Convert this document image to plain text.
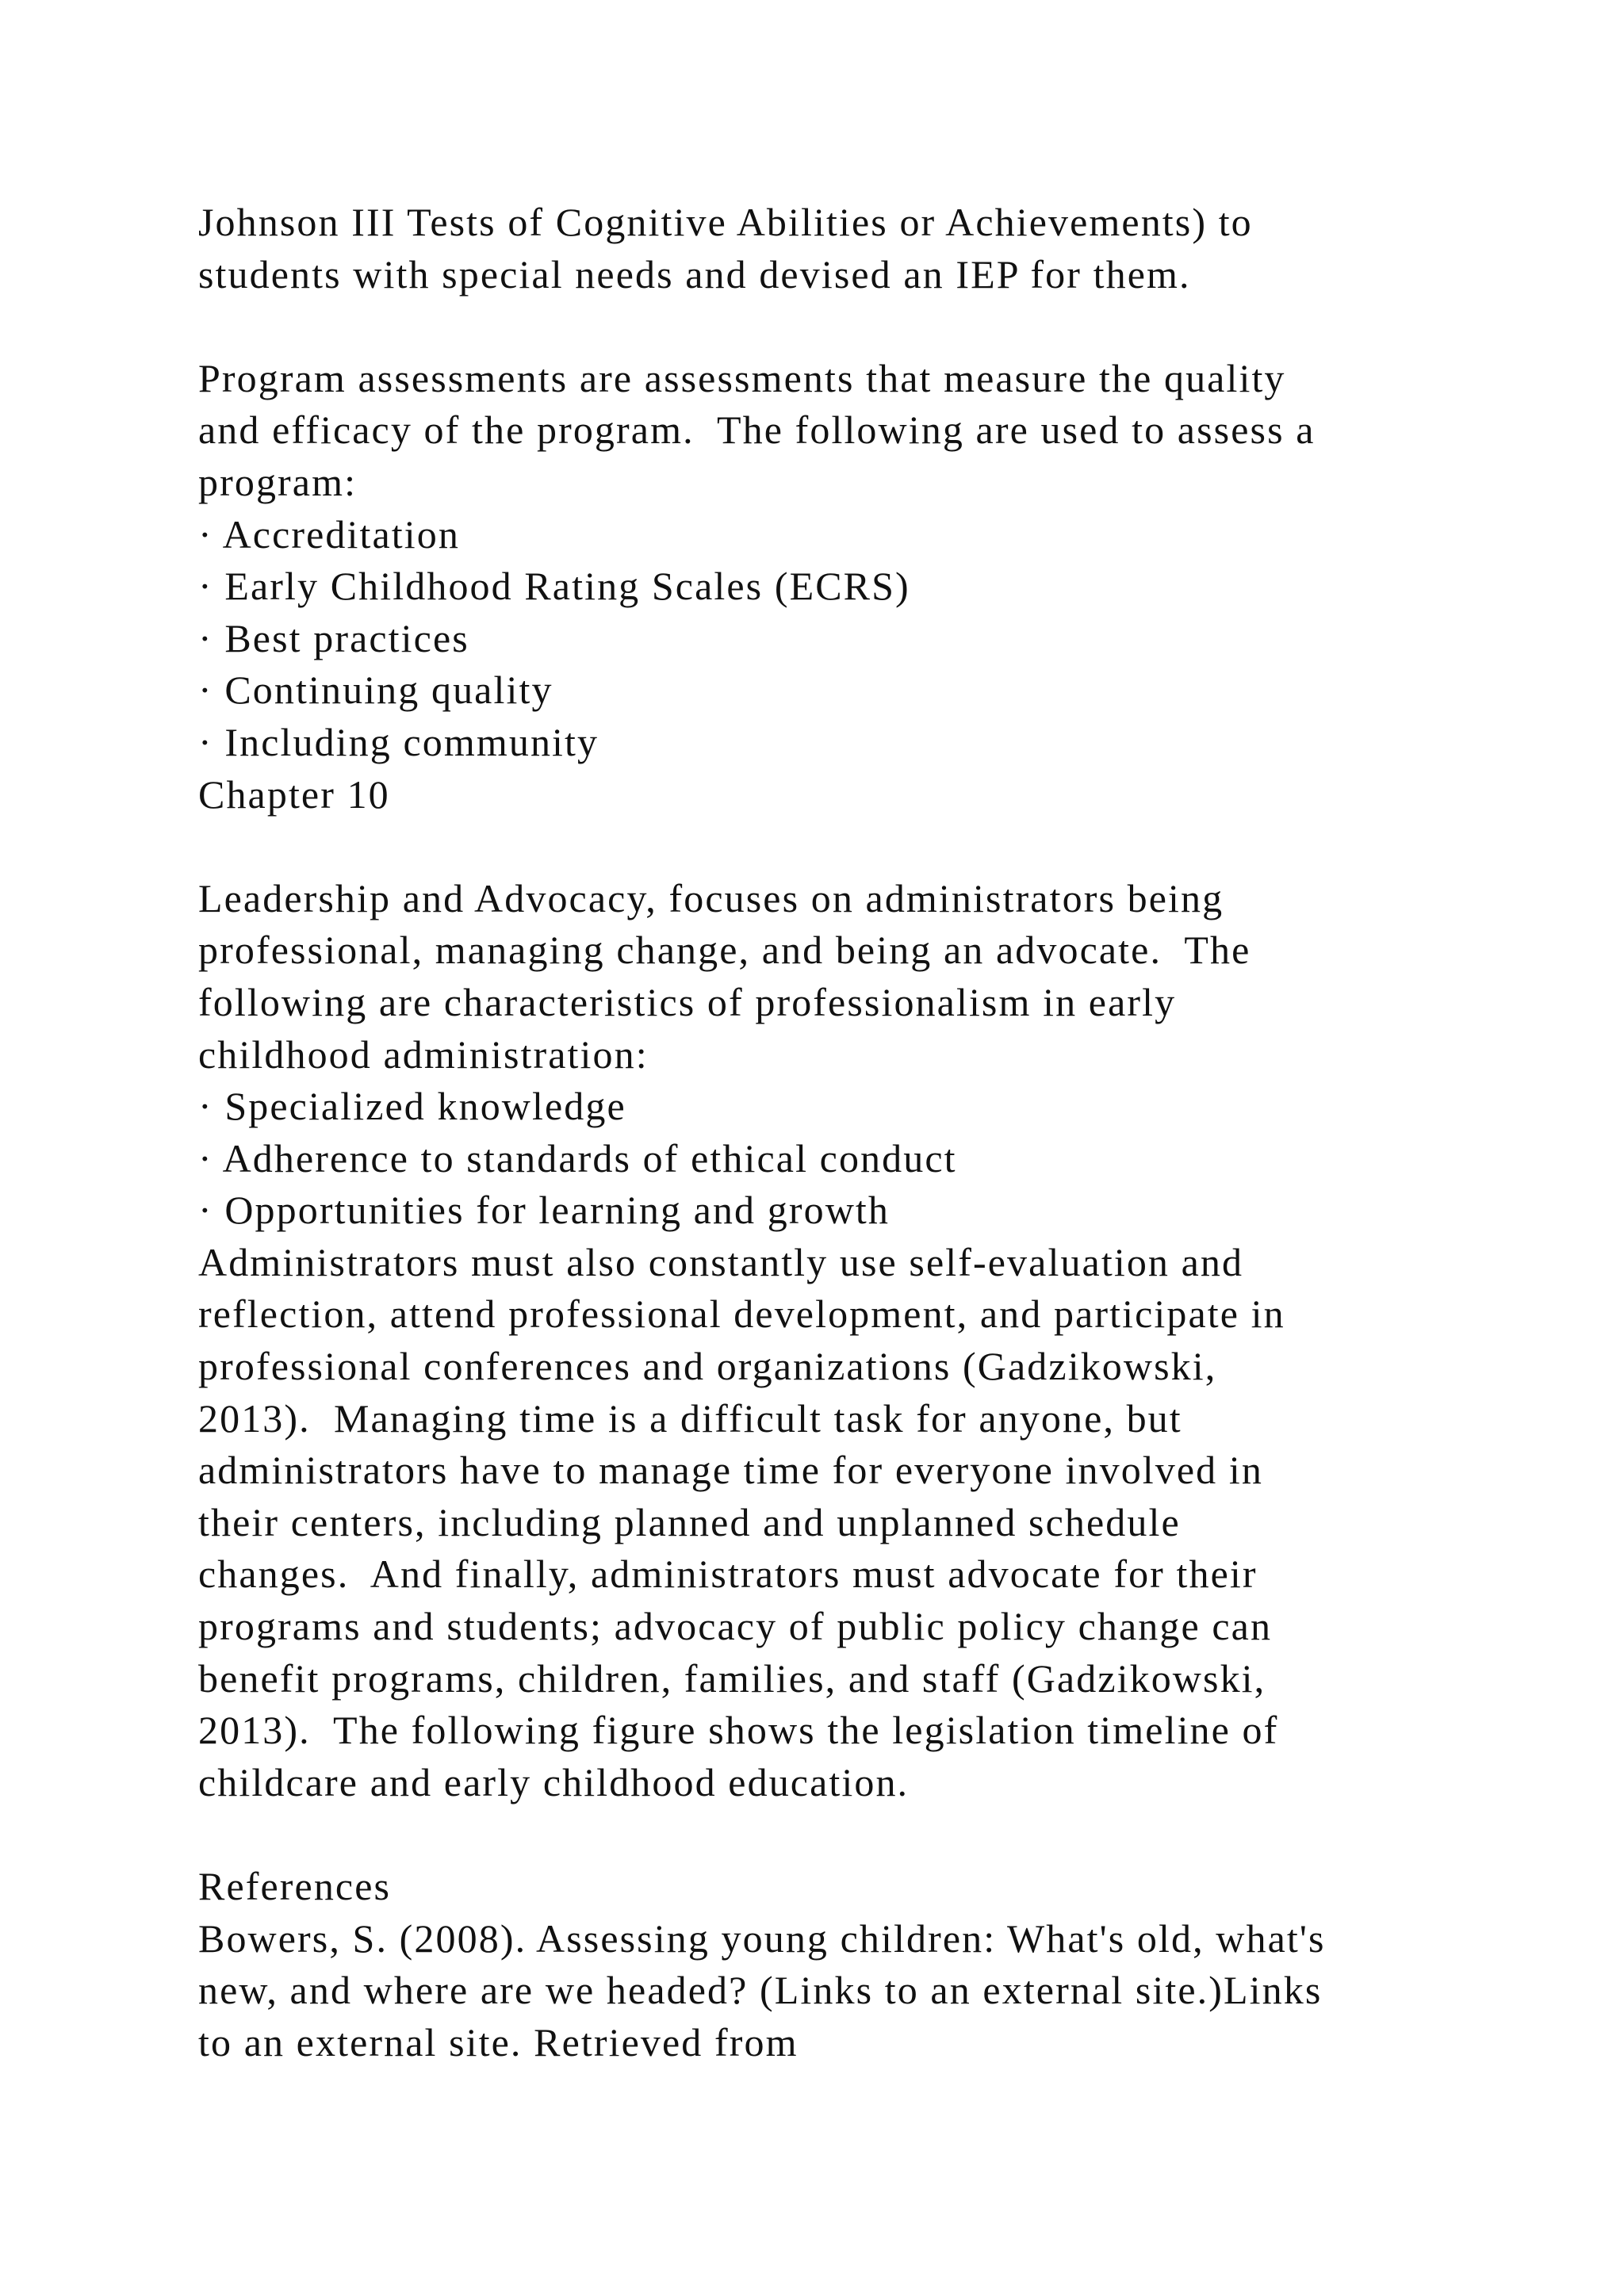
Johnson III Tests of Cognitive Abilities or Achievements) to
students with special needs and devised an IEP for them.
Program assessments are assessments that measure the quality
and efficacy of the program.  The following are used to assess a
program:
· Accreditation
· Early Childhood Rating Scales (ECRS)
· Best practices
· Continuing quality
· Including community
Chapter 10
Leadership and Advocacy, focuses on administrators being
professional, managing change, and being an advocate.  The
following are characteristics of professionalism in early
childhood administration:
· Specialized knowledge
· Adherence to standards of ethical conduct
· Opportunities for learning and growth
Administrators must also constantly use self-evaluation and
reflection, attend professional development, and participate in
professional conferences and organizations (Gadzikowski,
2013).  Managing time is a difficult task for anyone, but
administrators have to manage time for everyone involved in
their centers, including planned and unplanned schedule
changes.  And finally, administrators must advocate for their
programs and students; advocacy of public policy change can
benefit programs, children, families, and staff (Gadzikowski,
2013).  The following figure shows the legislation timeline of
childcare and early childhood education.
References
Bowers, S. (2008). Assessing young children: What's old, what's
new, and where are we headed? (Links to an external site.)Links
to an external site. Retrieved from
